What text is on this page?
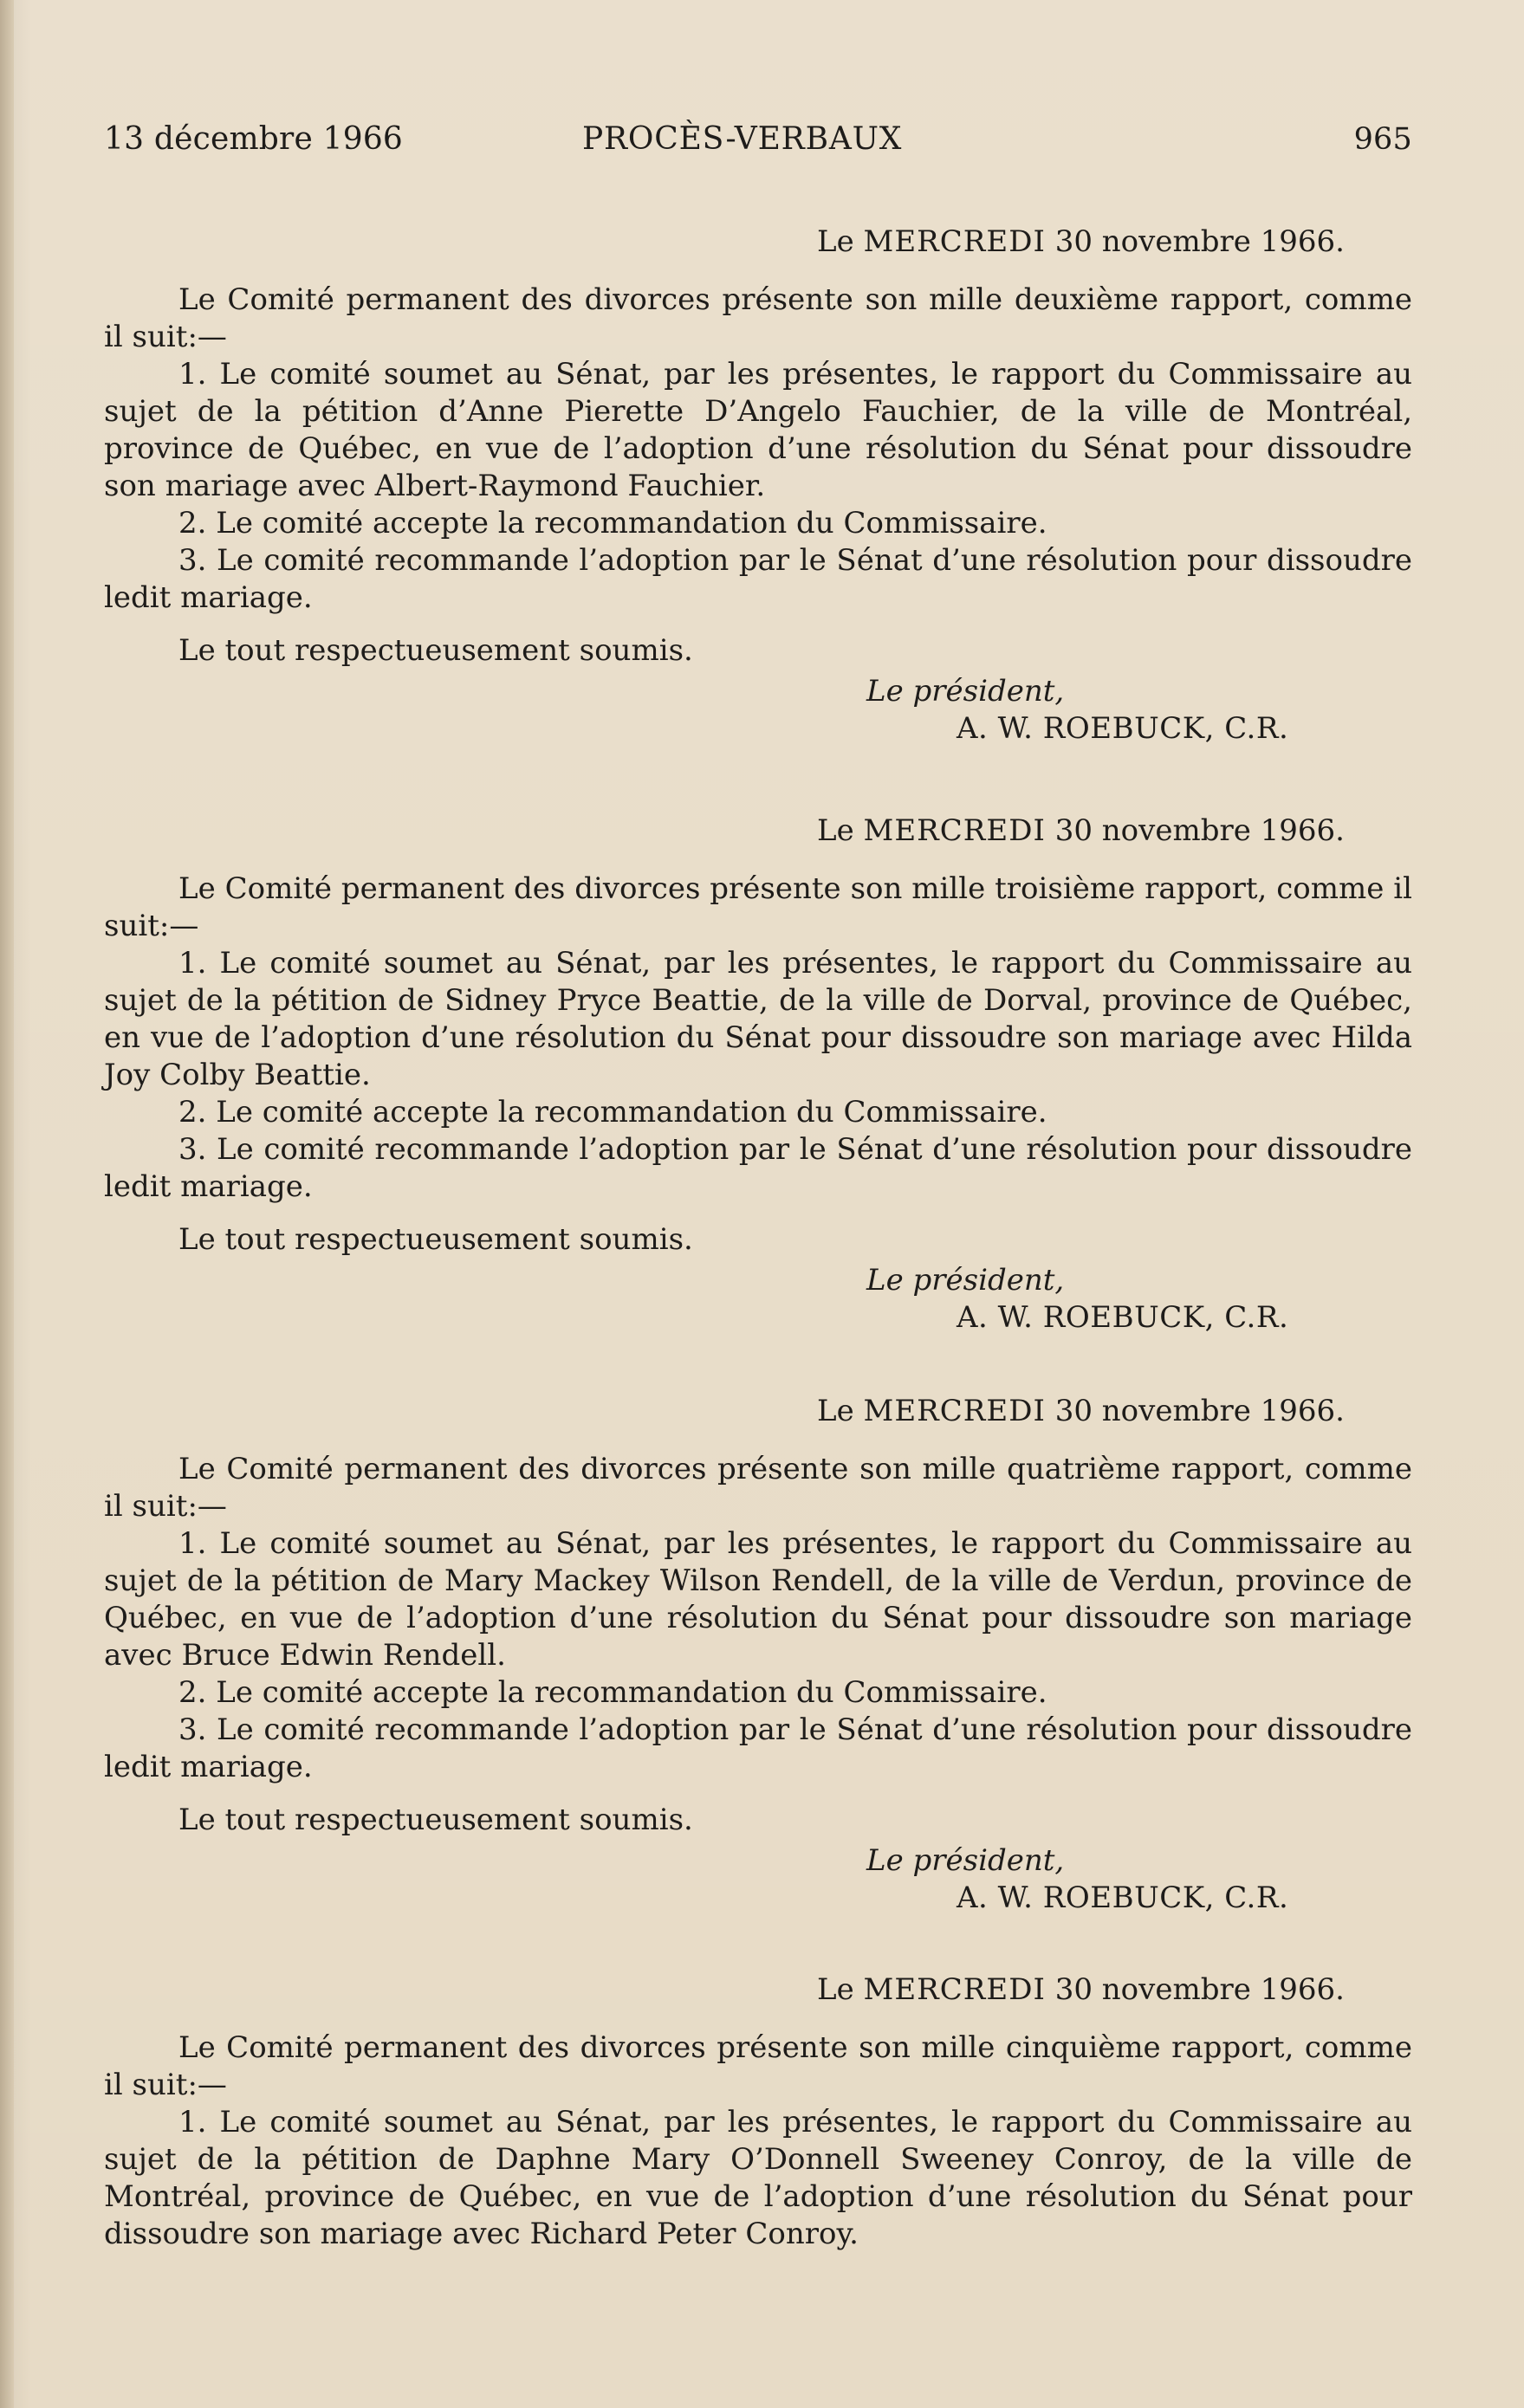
13 décembre 1966	PROCÈS-VERBAUX	965
Le MERCREDI 30 novembre 1966.

Le Comité permanent des divorces présente son mille deuxième rapport, comme il suit:—

1. Le comité soumet au Sénat, par les présentes, le rapport du Commissaire au sujet de la pétition d’Anne Pierette D’Angelo Fauchier, de la ville de Montréal, province de Québec, en vue de l’adoption d’une résolution du Sénat pour dissoudre son mariage avec Albert-Raymond Fauchier.

2. Le comité accepte la recommandation du Commissaire.

3. Le comité recommande l’adoption par le Sénat d’une résolution pour dissoudre ledit mariage.

Le tout respectueusement soumis.

Le président,
A. W. ROEBUCK, C.R.
Le MERCREDI 30 novembre 1966.

Le Comité permanent des divorces présente son mille troisième rapport, comme il suit:—

1. Le comité soumet au Sénat, par les présentes, le rapport du Commissaire au sujet de la pétition de Sidney Pryce Beattie, de la ville de Dorval, province de Québec, en vue de l’adoption d’une résolution du Sénat pour dissoudre son mariage avec Hilda Joy Colby Beattie.

2. Le comité accepte la recommandation du Commissaire.

3. Le comité recommande l’adoption par le Sénat d’une résolution pour dissoudre ledit mariage.

Le tout respectueusement soumis.

Le président,
A. W. ROEBUCK, C.R.
Le MERCREDI 30 novembre 1966.

Le Comité permanent des divorces présente son mille quatrième rapport, comme il suit:—

1. Le comité soumet au Sénat, par les présentes, le rapport du Commissaire au sujet de la pétition de Mary Mackey Wilson Rendell, de la ville de Verdun, province de Québec, en vue de l’adoption d’une résolution du Sénat pour dissoudre son mariage avec Bruce Edwin Rendell.

2. Le comité accepte la recommandation du Commissaire.

3. Le comité recommande l’adoption par le Sénat d’une résolution pour dissoudre ledit mariage.

Le tout respectueusement soumis.

Le président,
A. W. ROEBUCK, C.R.
Le MERCREDI 30 novembre 1966.

Le Comité permanent des divorces présente son mille cinquième rapport, comme il suit:—

1. Le comité soumet au Sénat, par les présentes, le rapport du Commissaire au sujet de la pétition de Daphne Mary O’Donnell Sweeney Conroy, de la ville de Montréal, province de Québec, en vue de l’adoption d’une résolution du Sénat pour dissoudre son mariage avec Richard Peter Conroy.
